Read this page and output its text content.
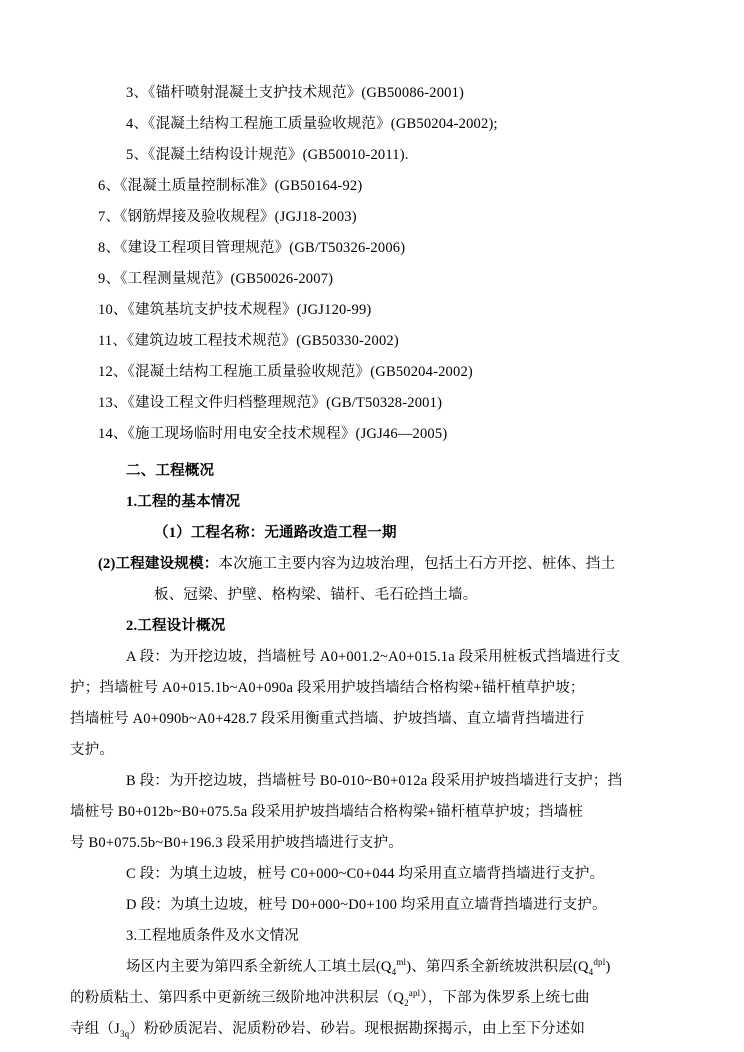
3、《锚杆喷射混凝土支护技术规范》(GB50086-2001)

4、《混凝土结构工程施工质量验收规范》(GB50204-2002);

5、《混凝土结构设计规范》(GB50010-2011).

6、《混凝土质量控制标准》(GB50164-92)

7、《钢筋焊接及验收规程》(JGJ18-2003)

8、《建设工程项目管理规范》(GB/T50326-2006)

9、《工程测量规范》(GB50026-2007)

10、《建筑基坑支护技术规程》(JGJ120-99)

11、《建筑边坡工程技术规范》(GB50330-2002)

12、《混凝土结构工程施工质量验收规范》(GB50204-2002)

13、《建设工程文件归档整理规范》(GB/T50328-2001)

14、《施工现场临时用电安全技术规程》(JGJ46—2005)

二、工程概况

1.工程的基本情况

（1）工程名称：无通路改造工程一期

(2)工程建设规模：本次施工主要内容为边坡治理，包括土石方开挖、桩体、挡土

板、冠梁、护壁、格构梁、锚杆、毛石砼挡土墙。

2.工程设计概况

A 段：为开挖边坡，挡墙桩号 A0+001.2~A0+015.1a 段采用桩板式挡墙进行支

护；挡墙桩号 A0+015.1b~A0+090a 段采用护坡挡墙结合格构梁+锚杆植草护坡；

挡墙桩号 A0+090b~A0+428.7 段采用衡重式挡墙、护坡挡墙、直立墙背挡墙进行

支护。

B 段：为开挖边坡，挡墙桩号 B0-010~B0+012a 段采用护坡挡墙进行支护；挡

墙桩号 B0+012b~B0+075.5a 段采用护坡挡墙结合格构梁+锚杆植草护坡；挡墙桩

号 B0+075.5b~B0+196.3 段采用护坡挡墙进行支护。

C 段：为填土边坡，桩号 C0+000~C0+044 均采用直立墙背挡墙进行支护。

D 段：为填土边坡，桩号 D0+000~D0+100 均采用直立墙背挡墙进行支护。

3.工程地质条件及水文情况

场区内主要为第四系全新统人工填土层$(Q_4^{ml})$、第四系全新统坡洪积层$(Q_4^{dpl})$

的粉质粘土、第四系中更新统三级阶地冲洪积层$(Q_2^{apl})$，下部为侏罗系上统七曲

寺组$(J_{3q})$粉砂质泥岩、泥质粉砂岩、砂岩。现根据勘探揭示，由上至下分述如
